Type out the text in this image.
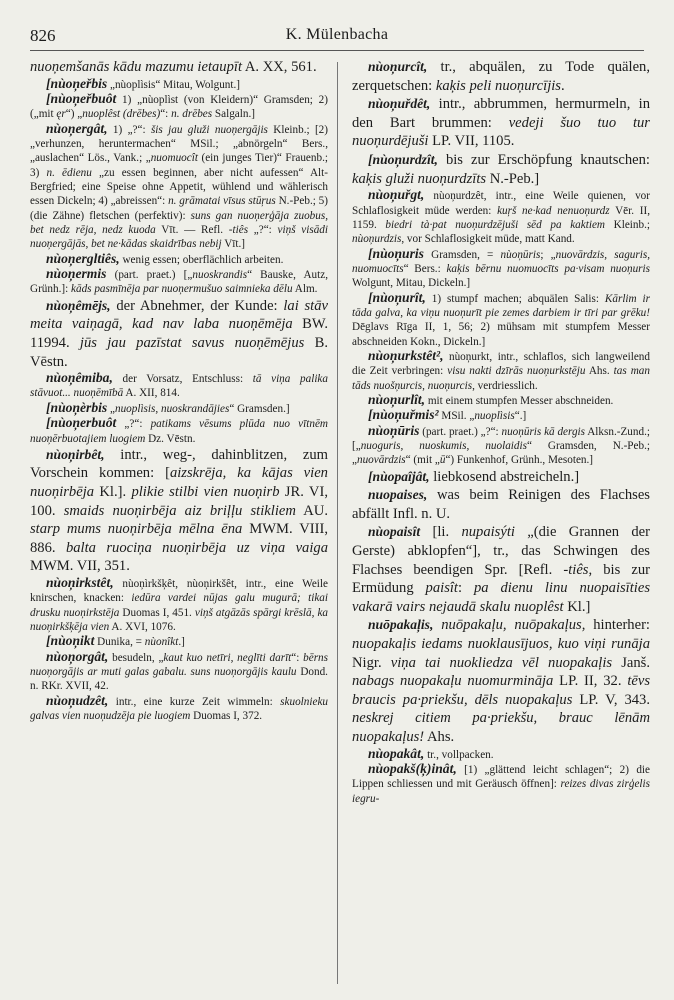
826	K. Mülenbacha

nuoņemšanās kādu mazumu ietaupīt A. XX, 561.

[nùoņeřbis „nùoplìsis“ Mitau, Wolgunt.]

[nùoņeřbuôt 1) „nùoplìst (von Kleidern)“ Gramsden; 2) („mit ęr“) „nuoplêst (drēbes)“: n. drēbes Salgaln.]

nùoņergât, 1) „?“: šis jau gluži nuoņergājis Kleinb.; [2) „verhunzen, heruntermachen“ MSil.; „abnörgeln“ Bers., „auslachen“ Lös., Vank.; „nuomuocît (ein junges Tier)“ Frauenb.; 3) n. ēdienu „zu essen beginnen, aber nicht aufessen“ Alt-Bergfried; eine Speise ohne Appetit, wühlend und wählerisch essen Dickeln; 4) „abreissen“: n. grāmatai vīsus stūŗus N.-Peb.; 5) (die Zähne) fletschen (perfektiv): suns gan nuoņerģāja zuobus, bet nedz rēja, nedz kuoda Vīt. — Refl. -tiês „?“: viņš visādi nuoņergājās, bet ne·kādas skaidrības nebij Vīt.]

nùoņergltiês, wenig essen; oberflächlich arbeiten.

nùoņermis (part. praet.) [„nuoskrandis“ Bauske, Autz, Grünh.]: kāds pasmīnēja par nuoņermušuo saimnieka dēlu Alm.

nùoņêmējs, der Abnehmer, der Kunde: lai stāv meita vaiņagā, kad nav laba nuoņēmēja BW. 11994. jūs jau pazīstat savus nuoņēmējus B. Vēstn.

nùoņêmiba, der Vorsatz, Entschluss: tā viņa palika stāvuot... nuoņēmībā A. XII, 814.

[nùoņèrbis „nuoplìsis, nuoskrandājies“ Gramsden.]

[nùoņerbuôt „?“: patikams vēsums plūda nuo vītnēm nuoņērbuotajiem luogiem Dz. Vēstn.

nùoņirbêt, intr., weg-, dahinblitzen, zum Vorschein kommen: [aizskrēja, ka kājas vien nuoņirbēja Kl.]. plikie stilbi vien nuoņirb JR. VI, 100. smaids nuoņirbēja aiz briļļu stikliem AU. starp mums nuoņirbēja mēlna ēna MWM. VIII, 886. balta ruociņa nuoņirbēja uz viņa vaiga MWM. VII, 351.

nùoņirkstêt, nùoņìrkšķêt, nùoņirkšêt, intr., eine Weile knirschen, knacken: iedūra vardei nūjas galu mugurā; tikai drusku nuoņirkstēja Duomas I, 451. viņš atgāzās spārgi krēslā, ka nuoņirkšķēja vien A. XVI, 1076.

[nùoņikt Dunika, = nùonîkt.]

nùoņorgât, besudeln, „kaut kuo netīri, neglīti darīt“: bērns nuoņorgājis ar muti galas gabalu. suns nuoņorgājis kaulu Dond. n. RKr. XVII, 42.

nùoņudzêt, intr., eine kurze Zeit wimmeln: skuolnieku galvas vien nuoņudzēja pie luogiem Duomas I, 372.

nùoņurcît, tr., abquälen, zu Tode quälen, zerquetschen: kaķis peli nuoņurcījis.

nùoņuřdêt, intr., abbrummen, hermurmeln, in den Bart brummen: vedeji šuo tuo tur nuoņurdējuši LP. VII, 1105.

[nùoņurdzît, bis zur Erschöpfung knautschen: kaķis gluži nuoņurdzīts N.-Peb.]

nùoņuřgt, nùoņurdzêt, intr., eine Weile quienen, vor Schlaflosigkeit müde werden: kuŗš ne·kad nenuoņurdz Vēr. II, 1159. biedri tà·pat nuoņurdzējuši sēd pa kaktiem Kleinb.; nùoņurdzis, vor Schlaflosigkeit müde, matt Kand.

[nùoņuris Gramsden, = nùoņūris; „nuovārdzis, saguris, nuomuocīts“ Bers.: kaķis bērnu nuomuocīts pa·visam nuoņuris Wolgunt, Mitau, Dickeln.]

[nùoņurît, 1) stumpf machen; abquälen Salis: Kārlim ir tāda galva, ka viņu nuoņurīt pie zemes darbiem ir tīri par grēku! Dēglavs Rīga II, 1, 56; 2) mühsam mit stumpfem Messer abschneiden Kokn., Dickeln.]

nùoņurkstêt², nùoņurkt, intr., schlaflos, sich langweilend die Zeit verbringen: visu nakti dzīrās nuoņurkstēju Ahs. tas man tāds nuošņurcis, nuoņurcis, verdriesslich.

nùoņurlît, mit einem stumpfen Messer abschneiden.

[nùoņuřmis² MSil. „nuoplìsis“.]

nùoņūris (part. praet.) „?“: nuoņūris kā dergis Alksn.-Zund.; [„nuoguris, nuoskumis, nuolaidis“ Gramsden, N.-Peb.; „nuovārdzis“ (mit „ū“) Funkenhof, Grünh., Mesoten.]

[nùopaîjât, liebkosend abstreicheln.]

nuopaises, was beim Reinigen des Flachses abfällt Infl. n. U.

nùopaisît [li. nupaisýti „(die Grannen der Gerste) abklopfen“], tr., das Schwingen des Flachses beendigen Spr. [Refl. -tiês, bis zur Ermüdung paisît: pa dienu linu nuopaisīties vakarā vairs nejaudā skalu nuoplêst Kl.]

nuōpakaļis, nuōpakaļu, nuōpakaļus, hinterher: nuopakaļis iedams nuoklausījuos, kuo viņi runāja Nigr. viņa tai nuokliedza vēl nuopakaļis Janš. nabags nuopakaļu nuomurmināja LP. II, 32. tēvs braucis pa·priekšu, dēls nuopakaļus LP. V, 343. neskrej citiem pa·priekšu, brauc lēnām nuopakaļus! Ahs.

nùopakât, tr., vollpacken.

nùopakš(ķ)inât, [1) „glättend leicht schlagen“; 2) die Lippen schliessen und mit Geräusch öffnen]: reizes divas zirģelis iegru-
